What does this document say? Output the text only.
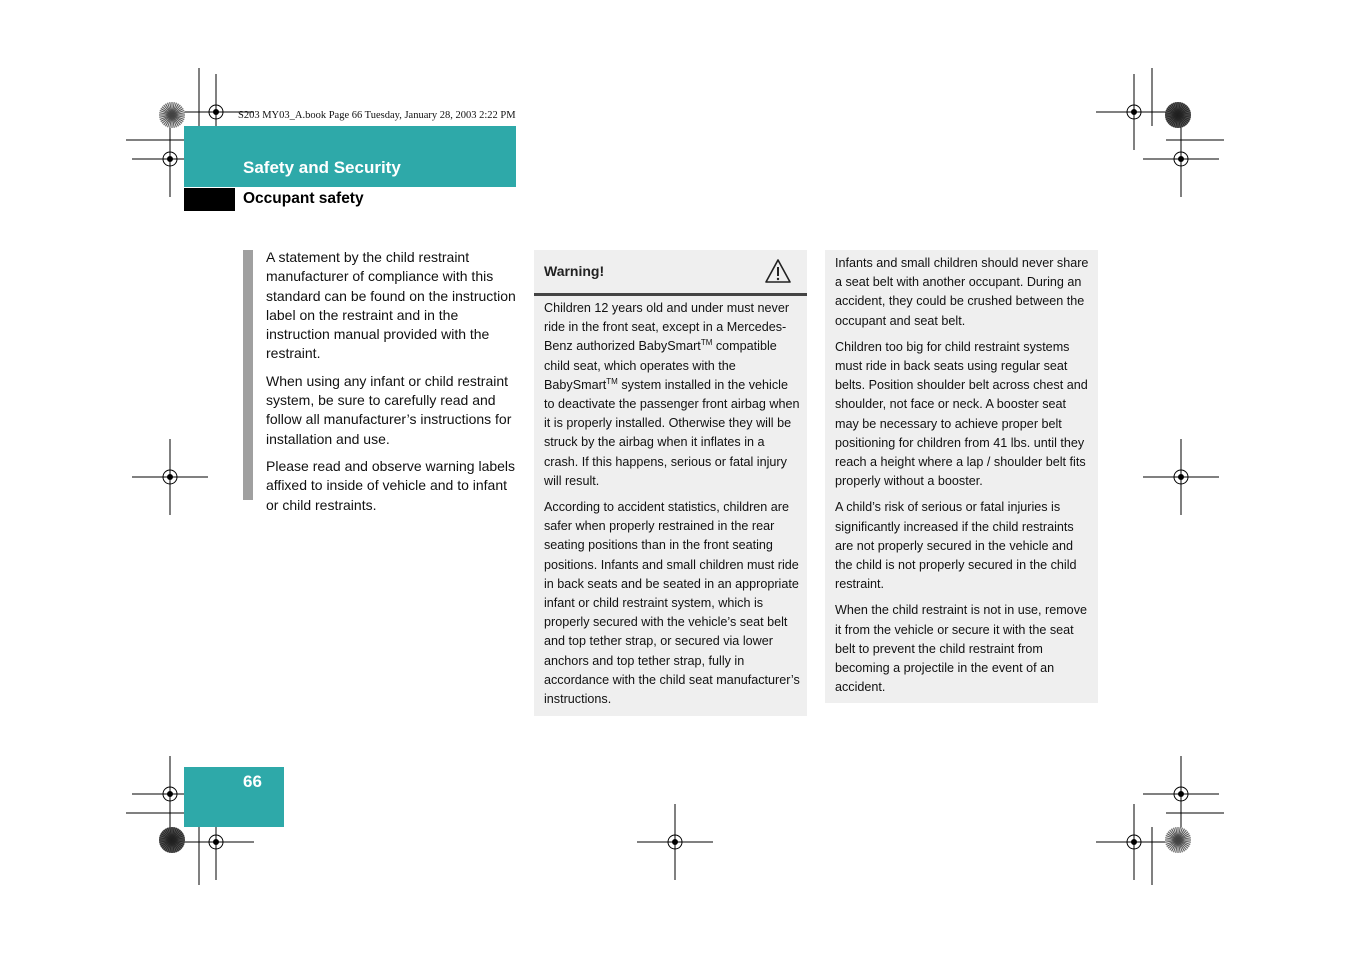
S203 MY03_A.book Page 66 Tuesday, January 28, 2003 2:22 PM
Safety and Security
Occupant safety

A statement by the child restraint manufacturer of compliance with this standard can be found on the instruction label on the restraint and in the instruction manual provided with the restraint.

When using any infant or child restraint system, be sure to carefully read and follow all manufacturer’s instructions for installation and use.

Please read and observe warning labels affixed to inside of vehicle and to infant or child restraints.

Warning!

Children 12 years old and under must never ride in the front seat, except in a Mercedes-Benz authorized BabySmart™ compatible child seat, which operates with the BabySmart™ system installed in the vehicle to deactivate the passenger front airbag when it is properly installed. Otherwise they will be struck by the airbag when it inflates in a crash. If this happens, serious or fatal injury will result.

According to accident statistics, children are safer when properly restrained in the rear seating positions than in the front seating positions. Infants and small children must ride in back seats and be seated in an appropriate infant or child restraint system, which is properly secured with the vehicle’s seat belt and top tether strap, or secured via lower anchors and top tether strap, fully in accordance with the child seat manufacturer’s instructions.

Infants and small children should never share a seat belt with another occupant. During an accident, they could be crushed between the occupant and seat belt.

Children too big for child restraint systems must ride in back seats using regular seat belts. Position shoulder belt across chest and shoulder, not face or neck. A booster seat may be necessary to achieve proper belt positioning for children from 41 lbs. until they reach a height where a lap / shoulder belt fits properly without a booster.

A child’s risk of serious or fatal injuries is significantly increased if the child restraints are not properly secured in the vehicle and the child is not properly secured in the child restraint.

When the child restraint is not in use, remove it from the vehicle or secure it with the seat belt to prevent the child restraint from becoming a projectile in the event of an accident.

66
